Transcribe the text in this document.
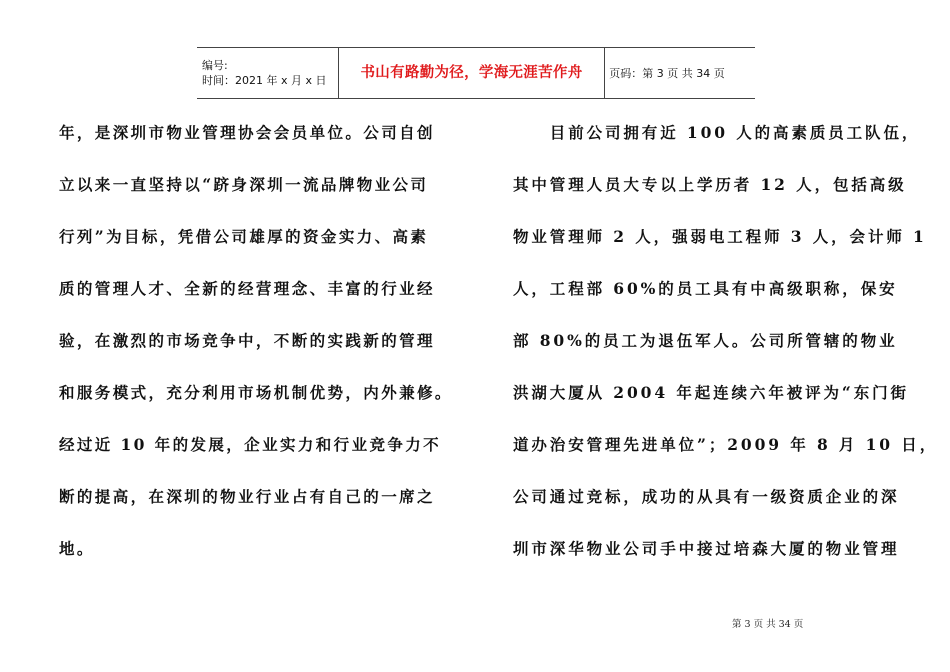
编号:
时间：2021 年 x 月 x 日	书山有路勤为径，学海无涯苦作舟 页码：第 3 页 共 34 页
年，是深圳市物业管理协会会员单位。公司自创
立以来一直坚持以“跻身深圳一流品牌物业公司
行列”为目标，凭借公司雄厚的资金实力、高素
质的管理人才、全新的经营理念、丰富的行业经
验，在激烈的市场竞争中，不断的实践新的管理
和服务模式，充分利用市场机制优势，内外兼修。
经过近 10 年的发展，企业实力和行业竞争力不
断的提高，在深圳的物业行业占有自己的一席之
地。
　　目前公司拥有近 100 人的高素质员工队伍，
其中管理人员大专以上学历者 12 人，包括高级
物业管理师 2 人，强弱电工程师 3 人，会计师 1
人，工程部 60%的员工具有中高级职称，保安
部 80%的员工为退伍军人。公司所管辖的物业
洪湖大厦从 2004 年起连续六年被评为“东门街
道办治安管理先进单位”；2009 年 8 月 10 日，
公司通过竞标，成功的从具有一级资质企业的深
圳市深华物业公司手中接过培森大厦的物业管理
第 3 页 共 34 页
